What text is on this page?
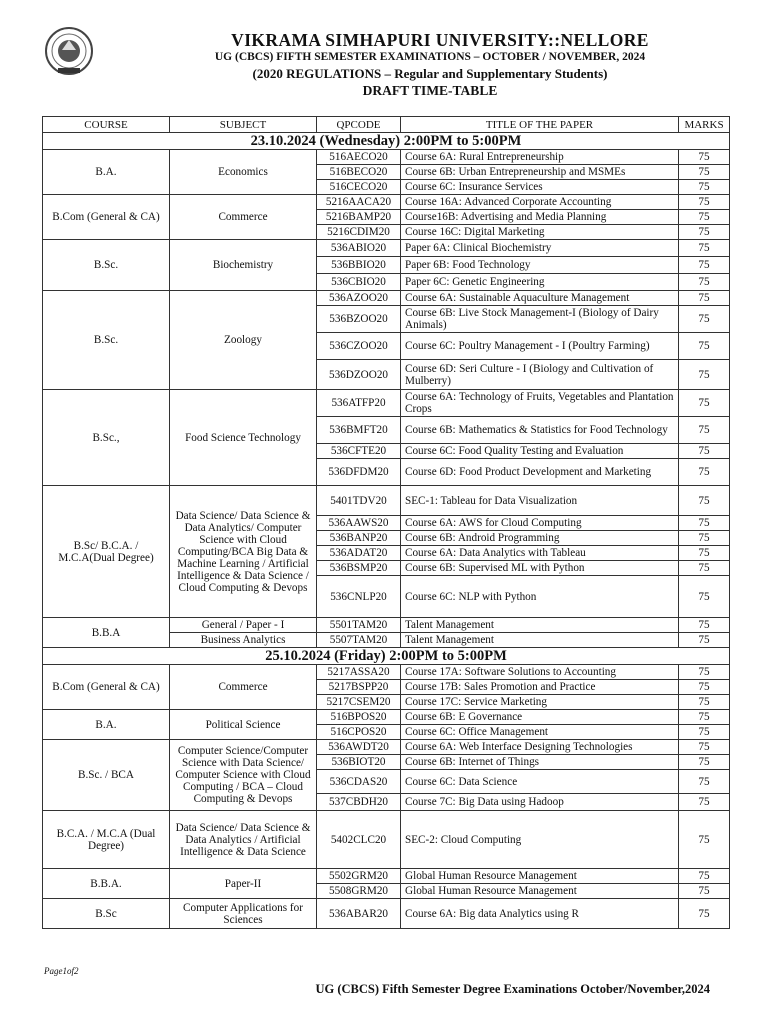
VIKRAMA SIMHAPURI UNIVERSITY::NELLORE
UG (CBCS) FIFTH SEMESTER EXAMINATIONS – OCTOBER / NOVEMBER, 2024
(2020 REGULATIONS – Regular and Supplementary Students)
DRAFT TIME-TABLE
COURSE	SUBJECT	QPCODE	TITLE OF THE PAPER	MARKS
23.10.2024 (Wednesday) 2:00PM to 5:00PM				
B.A.	Economics	516AECO20	Course 6A: Rural Entrepreneurship	75
		516BECO20	Course 6B: Urban Entrepreneurship and MSMEs	75
		516CECO20	Course 6C: Insurance Services	75
B.Com (General & CA)	Commerce	5216AACA20	Course 16A: Advanced Corporate Accounting	75
		5216BAMP20	Course16B: Advertising and Media Planning	75
		5216CDIM20	Course 16C: Digital Marketing	75
B.Sc.	Biochemistry	536ABIO20	Paper 6A: Clinical Biochemistry	75
		536BBIO20	Paper 6B: Food Technology	75
		536CBIO20	Paper 6C: Genetic Engineering	75
B.Sc.	Zoology	536AZOO20	Course 6A: Sustainable Aquaculture Management	75
		536BZOO20	Course 6B: Live Stock Management-I (Biology of Dairy Animals)	75
		536CZOO20	Course 6C: Poultry Management - I (Poultry Farming)	75
		536DZOO20	Course 6D: Seri Culture - I (Biology and Cultivation of Mulberry)	75
B.Sc.,	Food Science Technology	536ATFP20	Course 6A: Technology of Fruits, Vegetables and Plantation Crops	75
		536BMFT20	Course 6B: Mathematics & Statistics for Food Technology	75
		536CFTE20	Course 6C: Food Quality Testing and Evaluation	75
		536DFDM20	Course 6D: Food Product Development and Marketing	75
B.Sc/ B.C.A. / M.C.A(Dual Degree)	Data Science/ Data Science & Data Analytics/ Computer Science with Cloud Computing/BCA Big Data & Machine Learning / Artificial Intelligence & Data Science / Cloud Computing & Devops	5401TDV20	SEC-1: Tableau for Data Visualization	75
		536AAWS20	Course 6A: AWS for Cloud Computing	75
		536BANP20	Course 6B: Android Programming	75
		536ADAT20	Course 6A: Data Analytics with Tableau	75
		536BSMP20	Course 6B: Supervised ML with Python	75
		536CNLP20	Course 6C: NLP with Python	75
B.B.A	General / Paper - I	5501TAM20	Talent Management	75
	Business Analytics	5507TAM20	Talent Management	75
25.10.2024 (Friday) 2:00PM to 5:00PM				
B.Com (General & CA)	Commerce	5217ASSA20	Course 17A: Software Solutions to Accounting	75
		5217BSPP20	Course 17B: Sales Promotion and Practice	75
		5217CSEM20	Course 17C: Service Marketing	75
B.A.	Political Science	516BPOS20	Course 6B: E Governance	75
		516CPOS20	Course 6C: Office Management	75
B.Sc. / BCA	Computer Science/Computer Science with Data Science/ Computer Science with Cloud Computing / BCA – Cloud Computing & Devops	536AWDT20	Course 6A: Web Interface Designing Technologies	75
		536BIOT20	Course 6B: Internet of Things	75
		536CDAS20	Course 6C: Data Science	75
		537CBDH20	Course 7C: Big Data using Hadoop	75
B.C.A. / M.C.A (Dual Degree)	Data Science/ Data Science & Data Analytics / Artificial Intelligence & Data Science	5402CLC20	SEC-2: Cloud Computing	75
B.B.A.	Paper-II	5502GRM20	Global Human Resource Management	75
		5508GRM20	Global Human Resource Management	75
B.Sc	Computer Applications for Sciences	536ABAR20	Course 6A: Big data Analytics using R	75
Page1of2
UG (CBCS) Fifth Semester Degree Examinations October/November,2024
